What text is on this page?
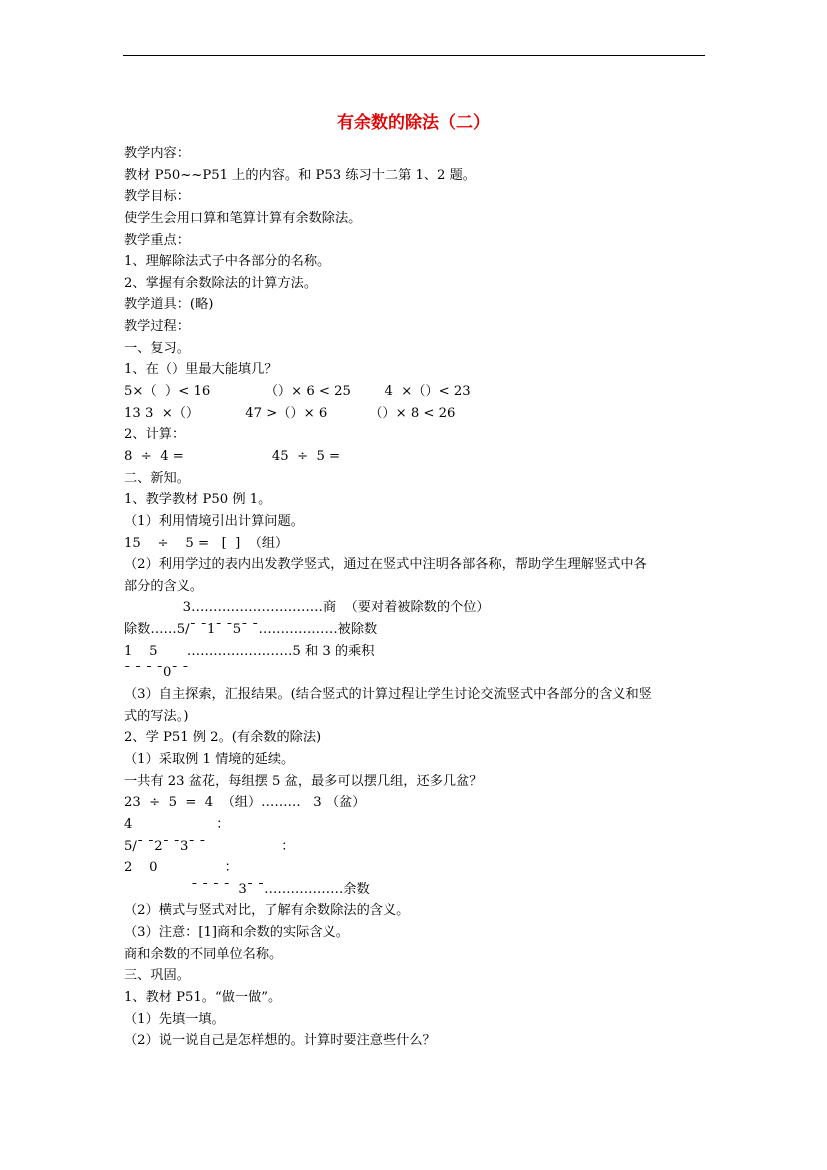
有余数的除法（二）
教学内容：
教材 P50~~P51 上的内容。和 P53 练习十二第 1、2 题。
教学目标：
使学生会用口算和笔算计算有余数除法。
教学重点：
1、理解除法式子中各部分的名称。
2、掌握有余数除法的计算方法。
教学道具：(略)
教学过程：
一、复习。
1、在（）里最大能填几？
5×（  ）< 16             （）× 6 < 25        4  ×（）< 23
13 3  ×（）           47 >（）× 6          （）× 8 < 26
2、计算：
8  ÷  4 =                     45  ÷  5 =
二、新知。
1、教学教材 P50 例 1。
（1）利用情境引出计算问题。
15    ÷    5 =   [  ]  （组）
（2）利用学过的表内出发教学竖式，通过在竖式中注明各部各称，帮助学生理解竖式中各
部分的含义。
3…………………………商  （要对着被除数的个位）
除数……5/¯ ¯1¯ ¯5¯ ¯………………被除数
1    5       ……………………5 和 3 的乘积
¯ ¯ ¯ ¯0¯ ¯
（3）自主探索，汇报结果。(结合竖式的计算过程让学生讨论交流竖式中各部分的含义和竖
式的写法。)
2、学 P51 例 2。(有余数的除法)
（1）采取例 1 情境的延续。
一共有 23 盆花，每组摆 5 盆，最多可以摆几组，还多几盆？
23  ÷  5  =  4  （组）………   3 （盆）
4                    ：
5/¯ ¯2¯ ¯3¯ ¯                  ：
2    0                ：
¯ ¯ ¯ ¯  3¯ ¯………………余数
（2）横式与竖式对比，了解有余数除法的含义。
（3）注意：[1]商和余数的实际含义。
商和余数的不同单位名称。
三、巩固。
1、教材 P51。“做一做”。
（1）先填一填。
（2）说一说自己是怎样想的。计算时要注意些什么？
